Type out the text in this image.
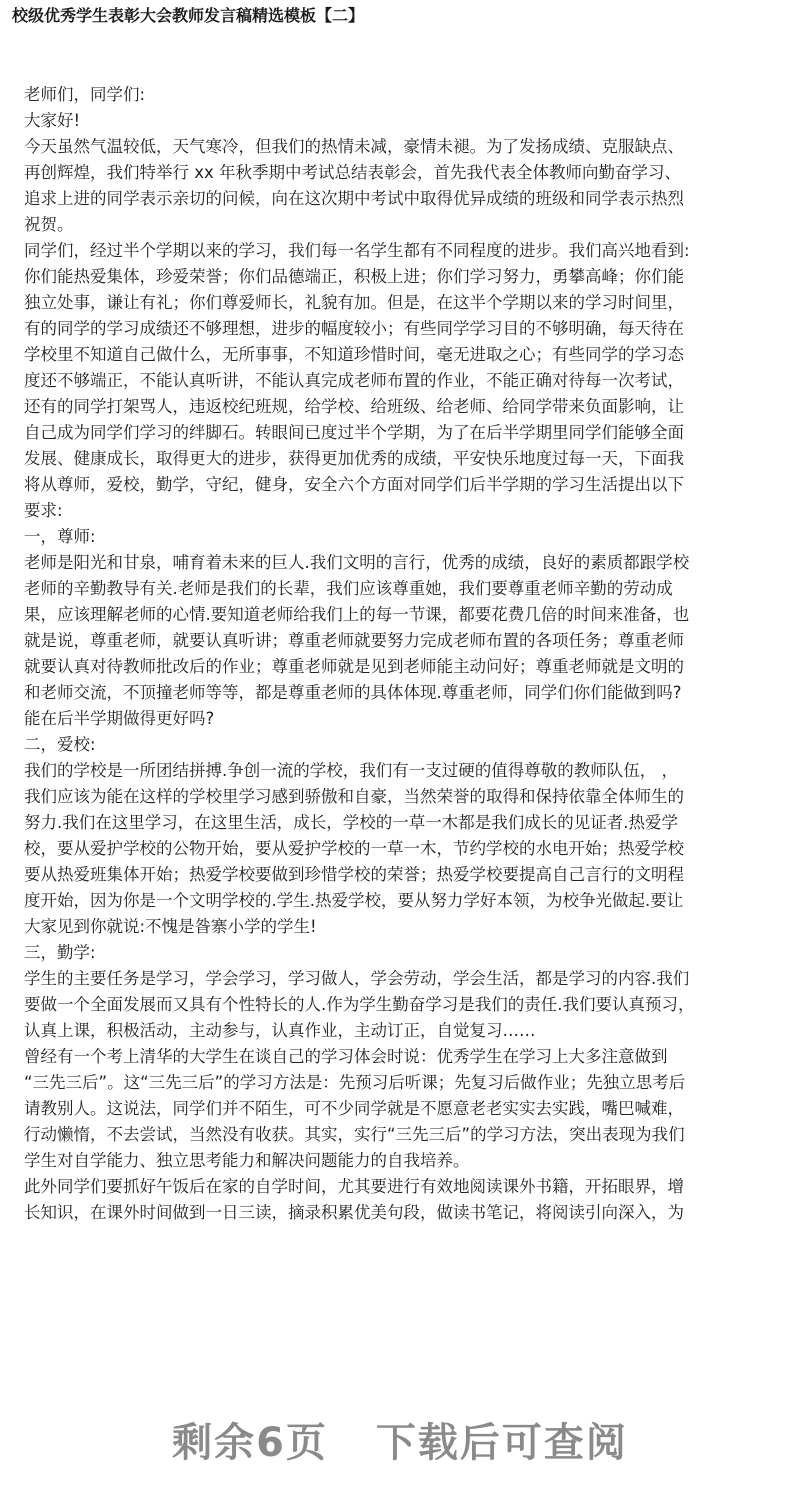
校级优秀学生表彰大会教师发言稿精选模板【二】
老师们，同学们:
大家好!
今天虽然气温较低，天气寒冷，但我们的热情未减，豪情未褪。为了发扬成绩、克服缺点、
再创辉煌，我们特举行 xx 年秋季期中考试总结表彰会，首先我代表全体教师向勤奋学习、
追求上进的同学表示亲切的问候，向在这次期中考试中取得优异成绩的班级和同学表示热烈
祝贺。
同学们，经过半个学期以来的学习，我们每一名学生都有不同程度的进步。我们高兴地看到:
你们能热爱集体，珍爱荣誉；你们品德端正，积极上进；你们学习努力，勇攀高峰；你们能
独立处事，谦让有礼；你们尊爱师长，礼貌有加。但是，在这半个学期以来的学习时间里，
有的同学的学习成绩还不够理想，进步的幅度较小；有些同学学习目的不够明确，每天待在
学校里不知道自己做什么，无所事事，不知道珍惜时间，毫无进取之心；有些同学的学习态
度还不够端正，不能认真听讲，不能认真完成老师布置的作业，不能正确对待每一次考试，
还有的同学打架骂人，违返校纪班规，给学校、给班级、给老师、给同学带来负面影响，让
自己成为同学们学习的绊脚石。转眼间已度过半个学期，为了在后半学期里同学们能够全面
发展、健康成长，取得更大的进步，获得更加优秀的成绩，平安快乐地度过每一天，下面我
将从尊师，爱校，勤学，守纪，健身，安全六个方面对同学们后半学期的学习生活提出以下
要求:
一，尊师:
老师是阳光和甘泉，哺育着未来的巨人.我们文明的言行，优秀的成绩，良好的素质都跟学校
老师的辛勤教导有关.老师是我们的长辈，我们应该尊重她，我们要尊重老师辛勤的劳动成
果，应该理解老师的心情.要知道老师给我们上的每一节课，都要花费几倍的时间来准备，也
就是说，尊重老师，就要认真听讲；尊重老师就要努力完成老师布置的各项任务；尊重老师
就要认真对待教师批改后的作业；尊重老师就是见到老师能主动问好；尊重老师就是文明的
和老师交流，不顶撞老师等等，都是尊重老师的具体体现.尊重老师，同学们你们能做到吗?
能在后半学期做得更好吗?
二，爱校:
我们的学校是一所团结拼搏.争创一流的学校，我们有一支过硬的值得尊敬的教师队伍， ，
我们应该为能在这样的学校里学习感到骄傲和自豪，当然荣誉的取得和保持依靠全体师生的
努力.我们在这里学习，在这里生活，成长，学校的一草一木都是我们成长的见证者.热爱学
校，要从爱护学校的公物开始，要从爱护学校的一草一木，节约学校的水电开始；热爱学校
要从热爱班集体开始；热爱学校要做到珍惜学校的荣誉；热爱学校要提高自己言行的文明程
度开始，因为你是一个文明学校的.学生.热爱学校，要从努力学好本领，为校争光做起.要让
大家见到你就说:不愧是昝寨小学的学生!
三，勤学:
学生的主要任务是学习，学会学习，学习做人，学会劳动，学会生活，都是学习的内容.我们
要做一个全面发展而又具有个性特长的人.作为学生勤奋学习是我们的责任.我们要认真预习，
认真上课，积极活动，主动参与，认真作业，主动订正，自觉复习……
曾经有一个考上清华的大学生在谈自己的学习体会时说：优秀学生在学习上大多注意做到
“三先三后”。这“三先三后”的学习方法是：先预习后听课；先复习后做作业；先独立思考后
请教别人。这说法，同学们并不陌生，可不少同学就是不愿意老老实实去实践，嘴巴喊难，
行动懒惰，不去尝试，当然没有收获。其实，实行“三先三后”的学习方法，突出表现为我们
学生对自学能力、独立思考能力和解决问题能力的自我培养。
此外同学们要抓好午饭后在家的自学时间，尤其要进行有效地阅读课外书籍，开拓眼界，增
长知识，在课外时间做到一日三读，摘录积累优美句段，做读书笔记，将阅读引向深入，为
剩余6页 下载后可查阅
